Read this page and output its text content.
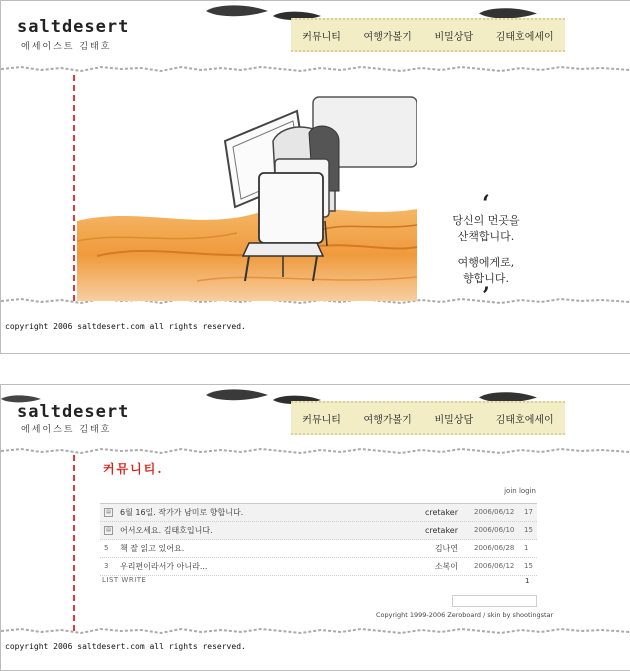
saltdesert
에세이스트 김태호
커뮤니티 여행가볼기 비밀상담 김태호에세이
‘
당신의 먼곳을
산책합니다.
여행에게로,
향합니다.
’
copyright 2006 saltdesert.com all rights reserved.
saltdesert
에세이스트 김태호
커뮤니티 여행가볼기 비밀상담 김태호에세이
커뮤니티.
join login
▤ 6월 16일. 작가가 남미로 향합니다.	cretaker 2006/06/12 17
▤ 어서오세요. 김태호입니다.	cretaker 2006/06/10 15
5	책 잘 읽고 있어요.	김나연 2006/06/28 1
3	우리편이라서가 아니라...	소복이 2006/06/12 15
LIST WRITE	1
Copyright 1999-2006 Zeroboard / skin by shootingstar
copyright 2006 saltdesert.com all rights reserved.
